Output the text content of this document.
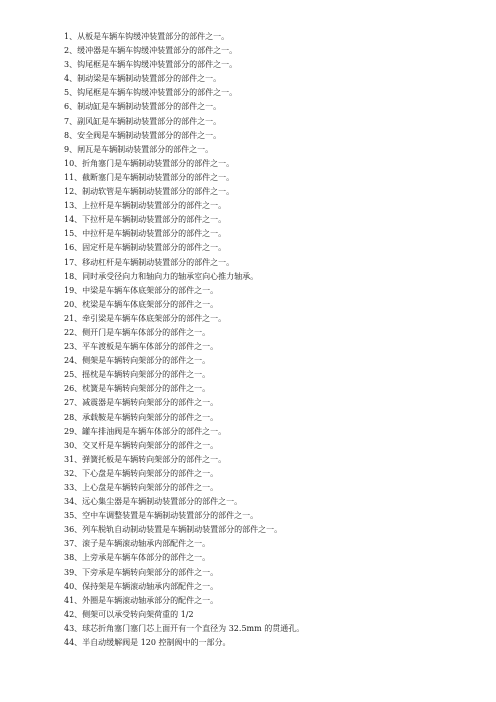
1、从板是车辆车钩缓冲装置部分的部件之一。
2、缓冲器是车辆车钩缓冲装置部分的部件之一。
3、钩尾框是车辆车钩缓冲装置部分的部件之一。
4、制动梁是车辆制动装置部分的部件之一。
5、钩尾框是车辆车钩缓冲装置部分的部件之一。
6、制动缸是车辆制动装置部分的部件之一。
7、副风缸是车辆制动装置部分的部件之一。
8、安全阀是车辆制动装置部分的部件之一。
9、闸瓦是车辆制动装置部分的部件之一。
10、折角塞门是车辆制动装置部分的部件之一。
11、截断塞门是车辆制动装置部分的部件之一。
12、制动软管是车辆制动装置部分的部件之一。
13、上拉杆是车辆制动装置部分的部件之一。
14、下拉杆是车辆制动装置部分的部件之一。
15、中拉杆是车辆制动装置部分的部件之一。
16、固定杆是车辆制动装置部分的部件之一。
17、移动杠杆是车辆制动装置部分的部件之一。
18、同时承受径向力和轴向力的轴承室向心推力轴承。
19、中梁是车辆车体底架部分的部件之一。
20、枕梁是车辆车体底架部分的部件之一。
21、牵引梁是车辆车体底架部分的部件之一。
22、侧开门是车辆车体部分的部件之一。
23、平车渡板是车辆车体部分的部件之一。
24、侧架是车辆转向架部分的部件之一。
25、摇枕是车辆转向架部分的部件之一。
26、枕簧是车辆转向架部分的部件之一。
27、减震器是车辆转向架部分的部件之一。
28、承载鞍是车辆转向架部分的部件之一。
29、罐车排油阀是车辆车体部分的部件之一。
30、交叉杆是车辆转向架部分的部件之一。
31、弹簧托板是车辆转向架部分的部件之一。
32、下心盘是车辆转向架部分的部件之一。
33、上心盘是车辆转向架部分的部件之一。
34、远心集尘器是车辆制动装置部分的部件之一。
35、空中车调整装置是车辆制动装置部分的部件之一。
36、列车脱轨自动制动装置是车辆制动装置部分的部件之一。
37、滚子是车辆滚动轴承内部配件之一。
38、上旁承是车辆车体部分的部件之一。
39、下旁承是车辆转向架部分的部件之一。
40、保持架是车辆滚动轴承内部配件之一。
41、外圈是车辆滚动轴承部分的配件之一。
42、侧架可以承受转向架荷重的 1/2
43、球芯折角塞门塞门芯上面开有一个直径为 32.5mm 的贯通孔。
44、半自动缓解阀是 120 控制阀中的一部分。
